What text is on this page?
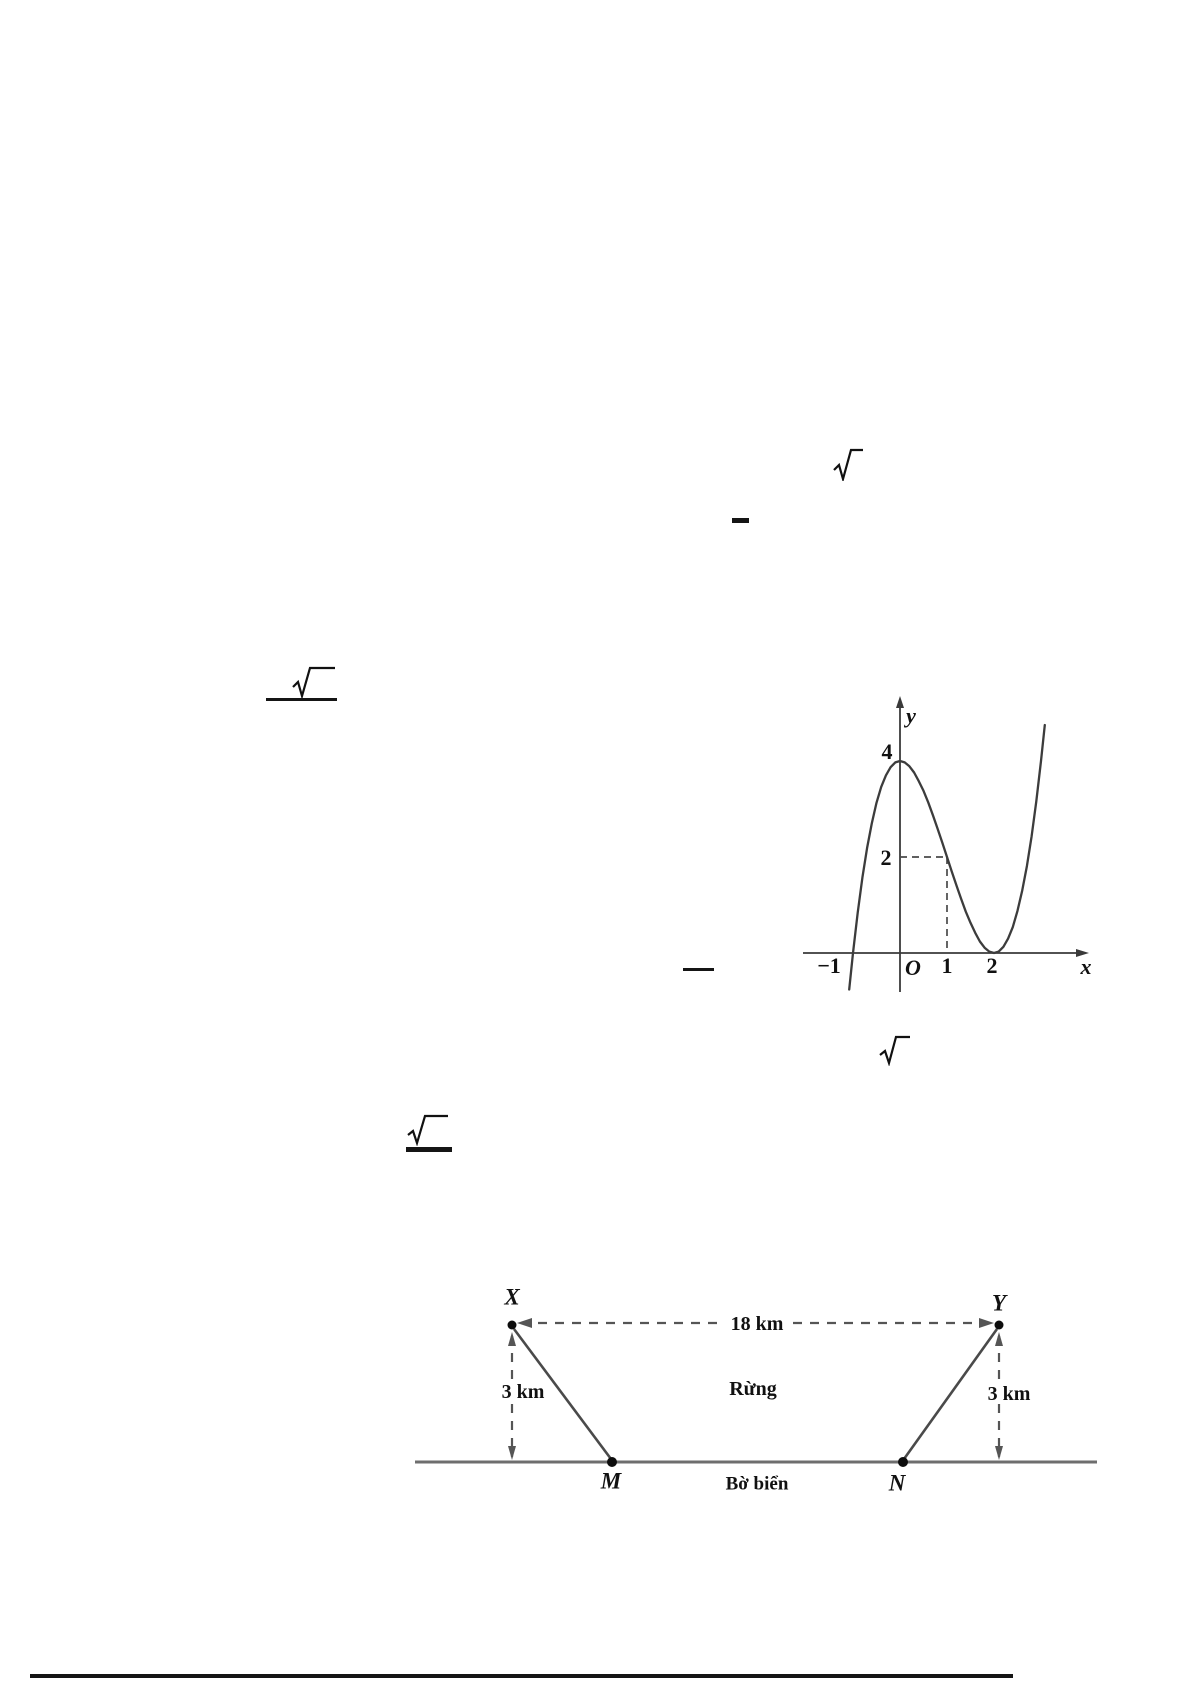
y
4
2
−1	O 1 2	x
X	Y
M	N
18 km
3 km	3 km
Rừng
Bờ biển
